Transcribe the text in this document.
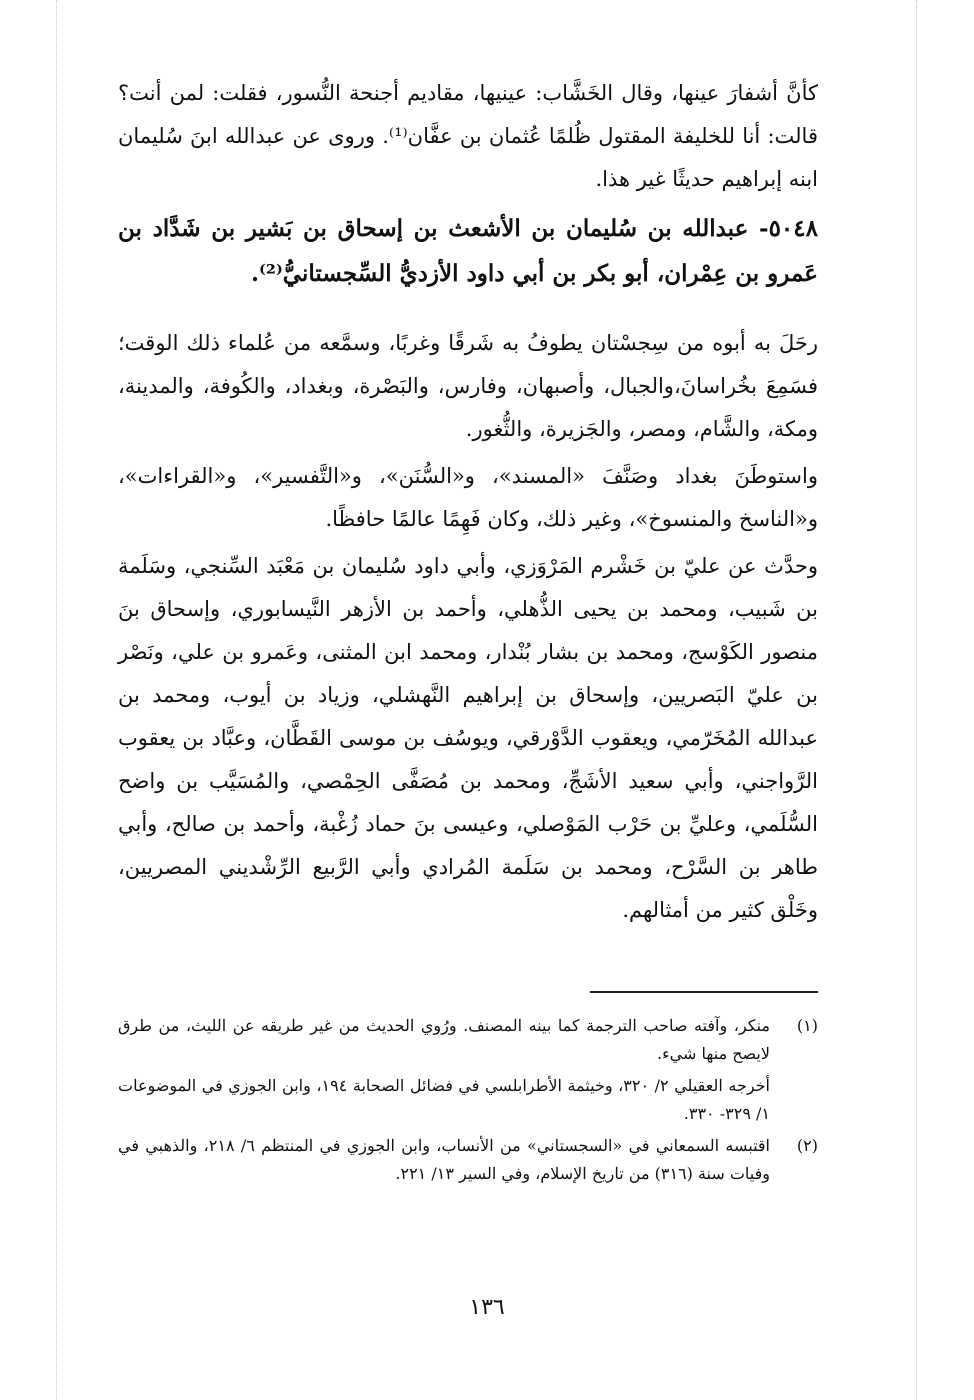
كأنَّ أشفارَ عينها، وقال الخَشَّاب: عينيها، مقاديم أجنحة النُّسور، فقلت: لمن أنت؟ قالت: أنا للخليفة المقتول ظُلمًا عُثمان بن عفَّان⁽¹⁾. وروى عن عبدالله ابنَ سُليمان ابنه إبراهيم حديثًا غير هذا.

٥٠٤٨- عبدالله بن سُليمان بن الأشعث بن إسحاق بن بَشير بن شَدَّاد بن عَمرو بن عِمْران، أبو بكر بن أبي داود الأزديُّ السِّجستانيُّ⁽²⁾.

رحَلَ به أبوه من سِجسْتان يطوفُ به شَرقًا وغربًا، وسمَّعه من عُلماء ذلك الوقت؛ فسَمِعَ بخُراسانَ،والجبال، وأصبهان، وفارس، والبَصْرة، وبغداد، والكُوفة، والمدينة، ومكة، والشَّام، ومصر، والجَزيرة، والثُّغور.

واستوطَنَ بغداد وصَنَّفَ «المسند»، و«السُّنَن»، و«التَّفسير»، و«القراءات»، و«الناسخ والمنسوخ»، وغير ذلك، وكان فَهِمًا عالمًا حافظًا.

وحدَّث عن عليّ بن خَشْرم المَرْوَزي، وأبي داود سُليمان بن مَعْبَد السِّنجي، وسَلَمة بن شَبيب، ومحمد بن يحيى الذُّهلي، وأحمد بن الأزهر النَّيسابوري، وإسحاق بنَ منصور الكَوْسج، ومحمد بن بشار بُنْدار، ومحمد ابن المثنى، وعَمرو بن علي، ونَصْر بن عليّ البَصريين، وإسحاق بن إبراهيم النَّهشلي، وزياد بن أيوب، ومحمد بن عبدالله المُخَرّمي، ويعقوب الدَّوْرقي، ويوسُف بن موسى القَطَّان، وعبَّاد بن يعقوب الرَّواجني، وأبي سعيد الأشَجِّ، ومحمد بن مُصَفَّى الحِمْصي، والمُسَيَّب بن واضح السُّلَمي، وعليِّ بن حَرْب المَوْصلي، وعيسى بنَ حماد زُغْبة، وأحمد بن صالح، وأبي طاهر بن السَّرْح، ومحمد بن سَلَمة المُرادي وأبي الرَّبيع الرِّشْديني المصريين، وخَلْق كثير من أمثالهم.

(١)
منكر، وآفته صاحب الترجمة كما بينه المصنف. ورُوي الحديث من غير طريقه عن الليث، من طرق لايصح منها شيء.
أخرجه العقيلي ٢/ ٣٢٠، وخيثمة الأطرابلسي في فضائل الصحابة ١٩٤، وابن الجوزي في الموضوعات ١/ ٣٢٩- ٣٣٠.
(٢)
اقتبسه السمعاني في «السجستاني» من الأنساب، وابن الجوزي في المنتظم ٦/ ٢١٨، والذهبي في وفيات سنة (٣١٦) من تاريخ الإسلام، وفي السير ١٣/ ٢٢١.
١٣٦
